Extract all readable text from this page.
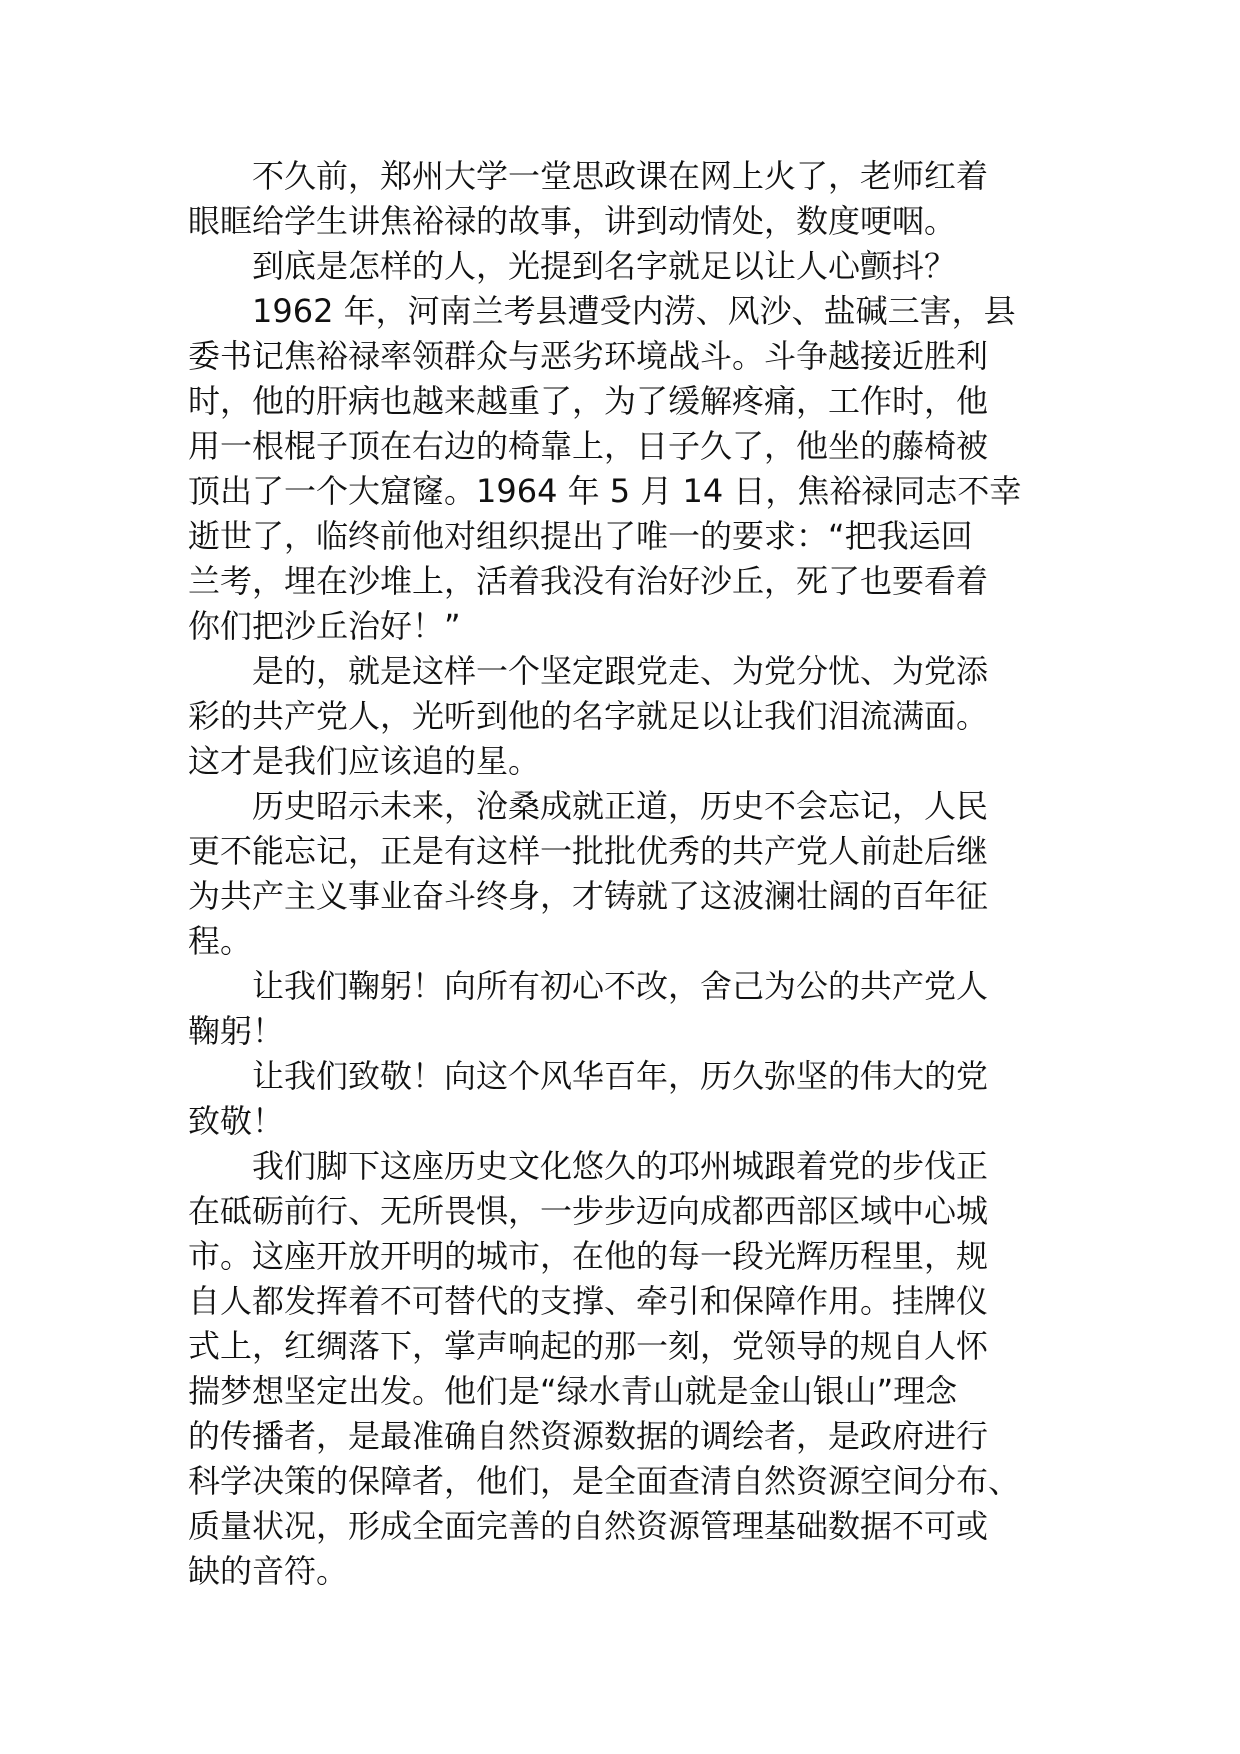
不久前，郑州大学一堂思政课在网上火了，老师红着
眼眶给学生讲焦裕禄的故事，讲到动情处，数度哽咽。

到底是怎样的人，光提到名字就足以让人心颤抖？

1962 年，河南兰考县遭受内涝、风沙、盐碱三害，县
委书记焦裕禄率领群众与恶劣环境战斗。斗争越接近胜利
时，他的肝病也越来越重了，为了缓解疼痛，工作时，他
用一根棍子顶在右边的椅靠上，日子久了，他坐的藤椅被
顶出了一个大窟窿。1964 年 5 月 14 日，焦裕禄同志不幸
逝世了，临终前他对组织提出了唯一的要求：“把我运回
兰考，埋在沙堆上，活着我没有治好沙丘，死了也要看着
你们把沙丘治好！”

是的，就是这样一个坚定跟党走、为党分忧、为党添
彩的共产党人，光听到他的名字就足以让我们泪流满面。
这才是我们应该追的星。

历史昭示未来，沧桑成就正道，历史不会忘记，人民
更不能忘记，正是有这样一批批优秀的共产党人前赴后继
为共产主义事业奋斗终身，才铸就了这波澜壮阔的百年征
程。

让我们鞠躬！向所有初心不改，舍己为公的共产党人
鞠躬！

让我们致敬！向这个风华百年，历久弥坚的伟大的党
致敬！

我们脚下这座历史文化悠久的邛州城跟着党的步伐正
在砥砺前行、无所畏惧，一步步迈向成都西部区域中心城
市。这座开放开明的城市，在他的每一段光辉历程里，规
自人都发挥着不可替代的支撑、牵引和保障作用。挂牌仪
式上，红绸落下，掌声响起的那一刻，党领导的规自人怀
揣梦想坚定出发。他们是“绿水青山就是金山银山”理念
的传播者，是最准确自然资源数据的调绘者，是政府进行
科学决策的保障者，他们，是全面查清自然资源空间分布、
质量状况，形成全面完善的自然资源管理基础数据不可或
缺的音符。
